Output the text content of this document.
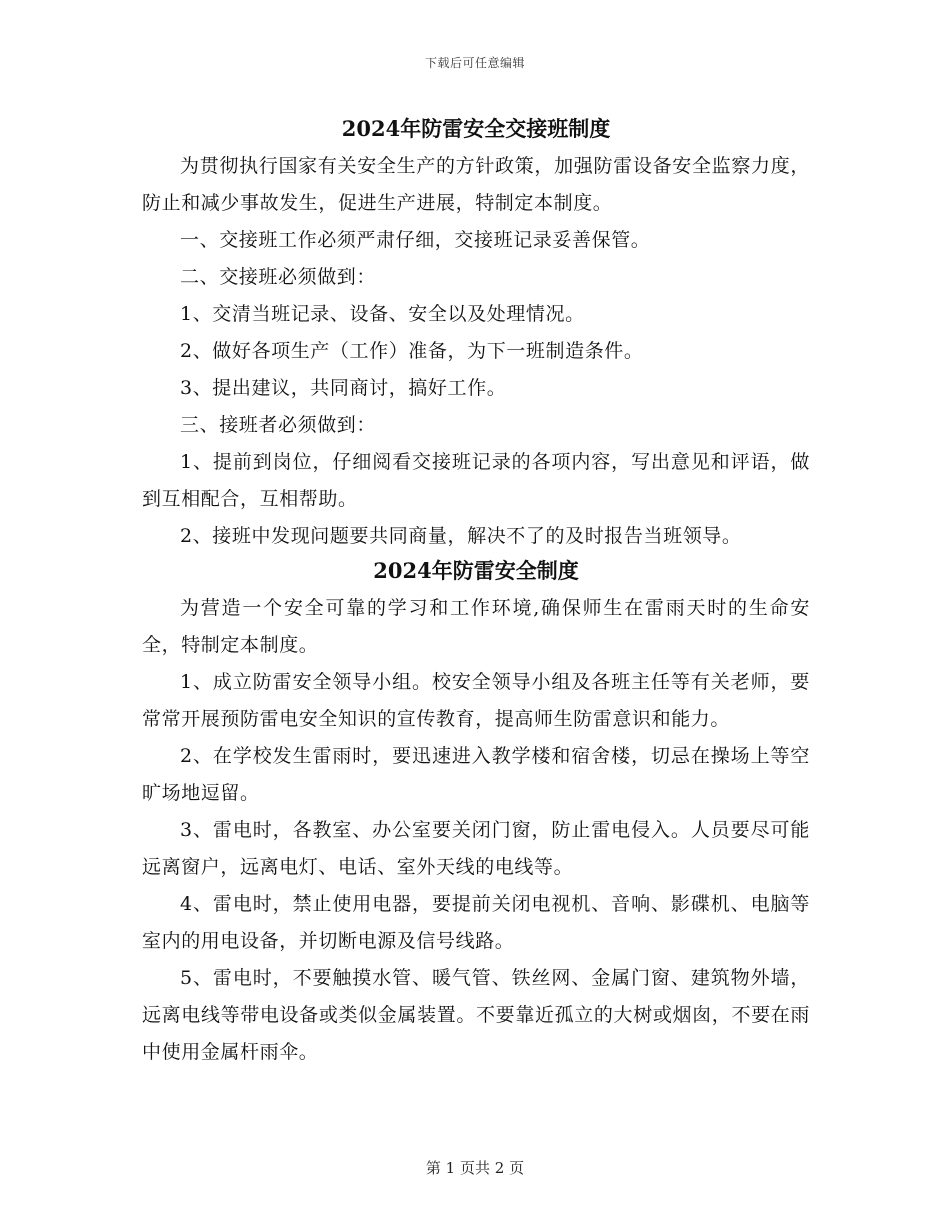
下载后可任意编辑
2024年防雷安全交接班制度

为贯彻执行国家有关安全生产的方针政策，加强防雷设备安全监察力度，防止和减少事故发生，促进生产进展，特制定本制度。

一、交接班工作必须严肃仔细，交接班记录妥善保管。

二、交接班必须做到：

1、交清当班记录、设备、安全以及处理情况。

2、做好各项生产（工作）准备，为下一班制造条件。

3、提出建议，共同商讨，搞好工作。

三、接班者必须做到：

1、提前到岗位，仔细阅看交接班记录的各项内容，写出意见和评语，做到互相配合，互相帮助。

2、接班中发现问题要共同商量，解决不了的及时报告当班领导。

2024年防雷安全制度

为营造一个安全可靠的学习和工作环境,确保师生在雷雨天时的生命安全，特制定本制度。

1、成立防雷安全领导小组。校安全领导小组及各班主任等有关老师，要常常开展预防雷电安全知识的宣传教育，提高师生防雷意识和能力。

2、在学校发生雷雨时，要迅速进入教学楼和宿舍楼，切忌在操场上等空旷场地逗留。

3、雷电时，各教室、办公室要关闭门窗，防止雷电侵入。人员要尽可能远离窗户，远离电灯、电话、室外天线的电线等。

4、雷电时，禁止使用电器，要提前关闭电视机、音响、影碟机、电脑等室内的用电设备，并切断电源及信号线路。

5、雷电时，不要触摸水管、暖气管、铁丝网、金属门窗、建筑物外墙，远离电线等带电设备或类似金属装置。不要靠近孤立的大树或烟囱，不要在雨中使用金属杆雨伞。

第 1 页共 2 页
